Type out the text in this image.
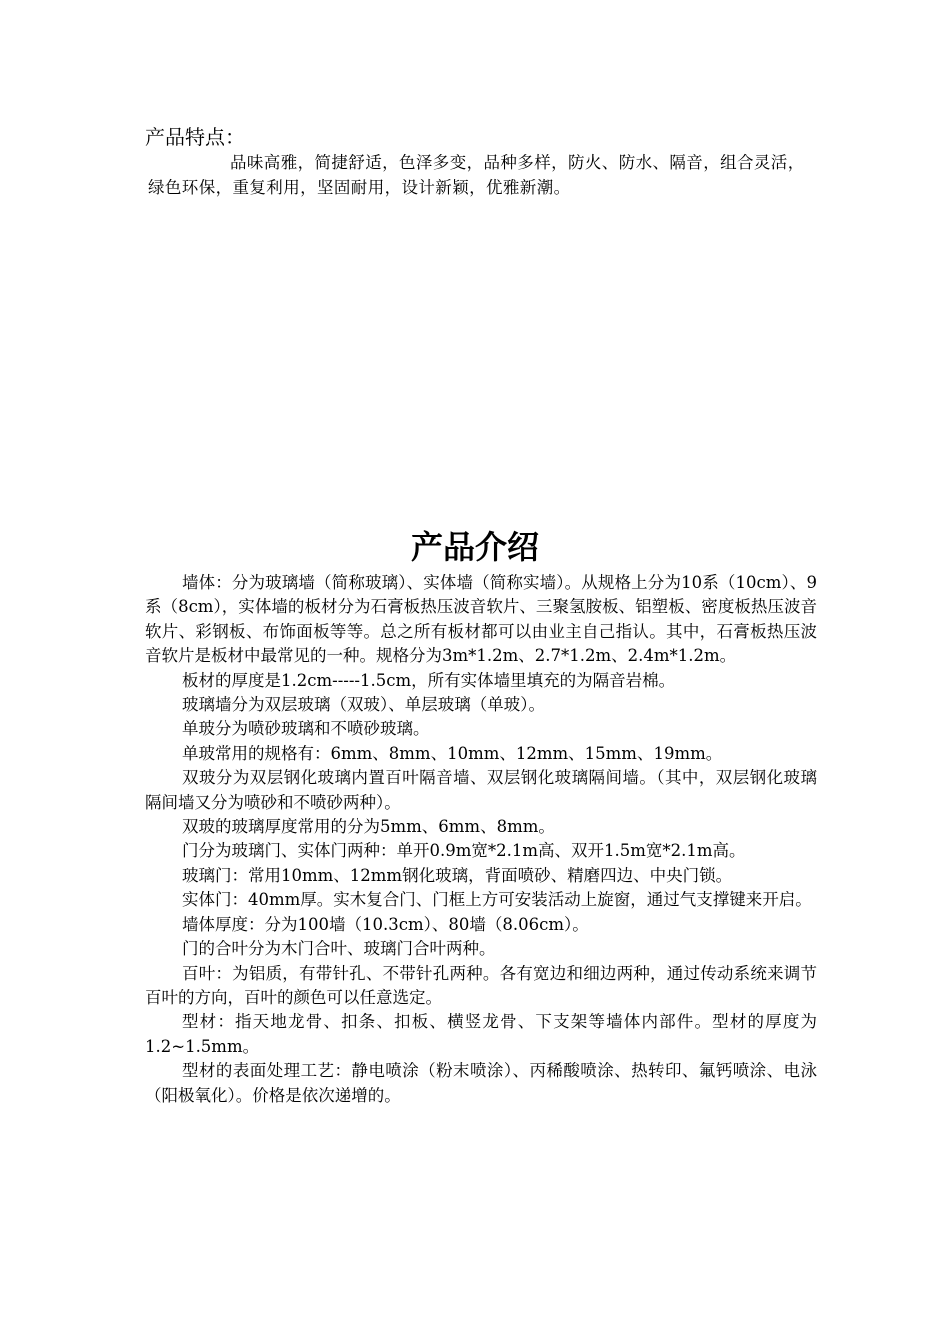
产品特点：

品味高雅，简捷舒适，色泽多变，品种多样，防火、防水、隔音，组合灵活，绿色环保，重复利用，坚固耐用，设计新颖，优雅新潮。

产品介绍

墙体：分为玻璃墙（简称玻璃）、实体墙（简称实墙）。从规格上分为10系（10cm）、9系（8cm），实体墙的板材分为石膏板热压波音软片、三聚氢胺板、铝塑板、密度板热压波音软片、彩钢板、布饰面板等等。总之所有板材都可以由业主自己指认。其中，石膏板热压波音软片是板材中最常见的一种。规格分为3m*1.2m、2.7*1.2m、2.4m*1.2m。

板材的厚度是1.2cm-----1.5cm，所有实体墙里填充的为隔音岩棉。

玻璃墙分为双层玻璃（双玻）、单层玻璃（单玻）。

单玻分为喷砂玻璃和不喷砂玻璃。

单玻常用的规格有：6mm、8mm、10mm、12mm、15mm、19mm。

双玻分为双层钢化玻璃内置百叶隔音墙、双层钢化玻璃隔间墙。（其中，双层钢化玻璃隔间墙又分为喷砂和不喷砂两种）。

双玻的玻璃厚度常用的分为5mm、6mm、8mm。

门分为玻璃门、实体门两种：单开0.9m宽*2.1m高、双开1.5m宽*2.1m高。

玻璃门：常用10mm、12mm钢化玻璃，背面喷砂、精磨四边、中央门锁。

实体门：40mm厚。实木复合门、门框上方可安装活动上旋窗，通过气支撑键来开启。

墙体厚度：分为100墙（10.3cm）、80墙（8.06cm）。

门的合叶分为木门合叶、玻璃门合叶两种。

百叶：为铝质，有带针孔、不带针孔两种。各有宽边和细边两种，通过传动系统来调节百叶的方向，百叶的颜色可以任意选定。

型材：指天地龙骨、扣条、扣板、横竖龙骨、下支架等墙体内部件。型材的厚度为1.2~1.5mm。

型材的表面处理工艺：静电喷涂（粉末喷涂）、丙稀酸喷涂、热转印、氟钙喷涂、电泳（阳极氧化）。价格是依次递增的。
